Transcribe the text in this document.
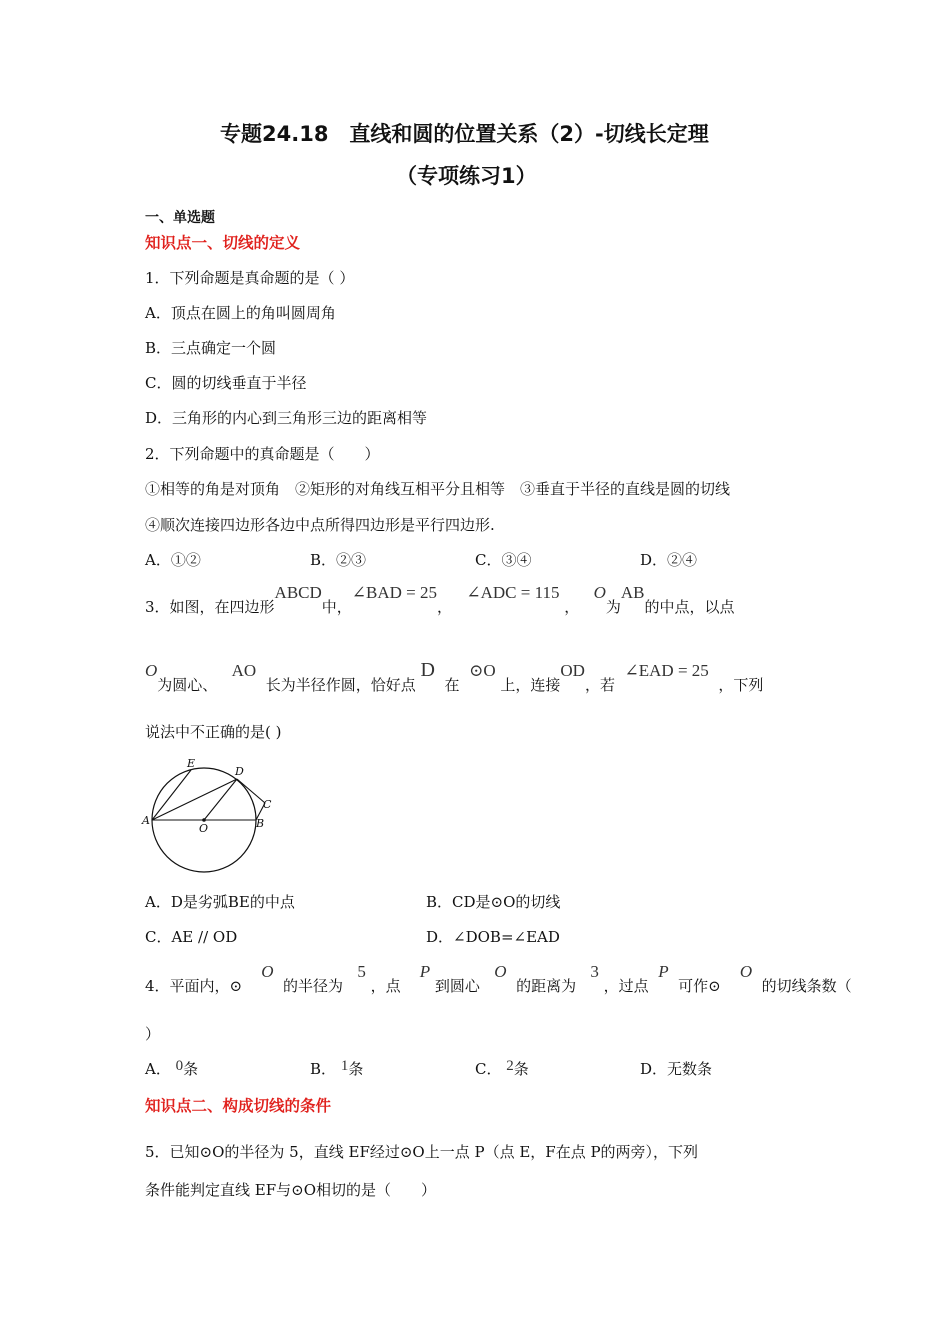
专题24.18　直线和圆的位置关系（2）-切线长定理
（专项练习1）
一、单选题
知识点一、切线的定义
1．下列命题是真命题的是（ ）
A．顶点在圆上的角叫圆周角
B．三点确定一个圆
C．圆的切线垂直于半径
D．三角形的内心到三角形三边的距离相等
2．下列命题中的真命题是（　　）
①相等的角是对顶角　②矩形的对角线互相平分且相等　③垂直于半径的直线是圆的切线
④顺次连接四边形各边中点所得四边形是平行四边形.
A．①②	B．②③	C．③④	D．②④
3．如图，在四边形ABCD中，∠BAD = 25，   ∠ADC = 115 ，   O为AB的中点，以点
O为圆心、   AO  长为半径作圆，恰好点 D  在  ⊙O 上，连接OD，若  ∠EAD = 25  ，下列
说法中不正确的是( )
E
D
C
A
O	B
A．D是劣弧BE的中点	B．CD是⊙O的切线
C．AE // OD	D．∠DOB=∠EAD
4．平面内，⊙    O  的半径为   5 ，点    P 到圆心   O  的距离为   3 ，过点  P  可作⊙    O  的切线条数（
）
A． 0条	B． 1条	C． 2条	D．无数条
知识点二、构成切线的条件
5．已知⊙O的半径为 5，直线 EF经过⊙O上一点 P（点 E，F在点 P的两旁），下列
条件能判定直线 EF与⊙O相切的是（　　）
